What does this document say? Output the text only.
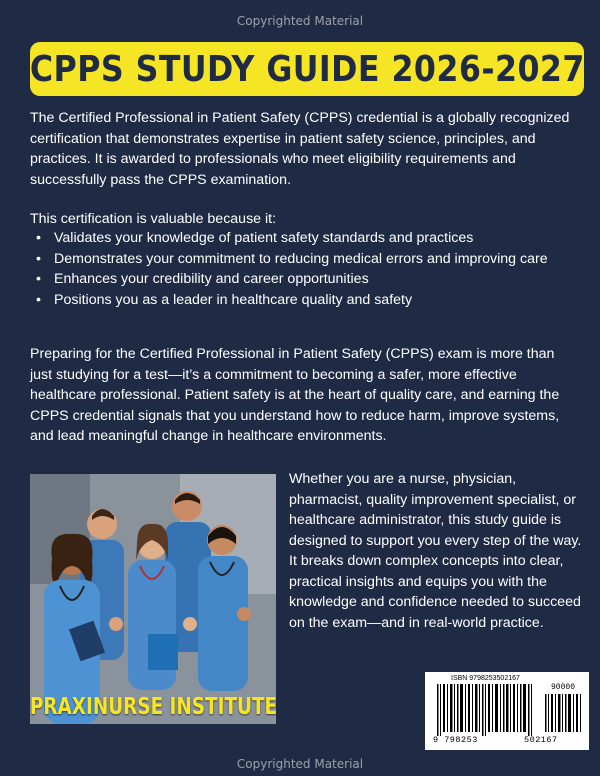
Copyrighted Material
CPPS STUDY GUIDE 2026-2027

The Certified Professional in Patient Safety (CPPS) credential is a globally recognized certification that demonstrates expertise in patient safety science, principles, and practices. It is awarded to professionals who meet eligibility requirements and successfully pass the CPPS examination.

This certification is valuable because it:

• Validates your knowledge of patient safety standards and practices
• Demonstrates your commitment to reducing medical errors and improving care
• Enhances your credibility and career opportunities
• Positions you as a leader in healthcare quality and safety

Preparing for the Certified Professional in Patient Safety (CPPS) exam is more than just studying for a test—it’s a commitment to becoming a safer, more effective healthcare professional. Patient safety is at the heart of quality care, and earning the CPPS credential signals that you understand how to reduce harm, improve systems, and lead meaningful change in healthcare environments.

PRAXINURSE INSTITUTE

Whether you are a nurse, physician, pharmacist, quality improvement specialist, or healthcare administrator, this study guide is designed to support you every step of the way. It breaks down complex concepts into clear, practical insights and equips you with the knowledge and confidence needed to succeed on the exam—and in real-world practice.

ISBN 9798253502167
90000
9 798253	502167
Copyrighted Material
